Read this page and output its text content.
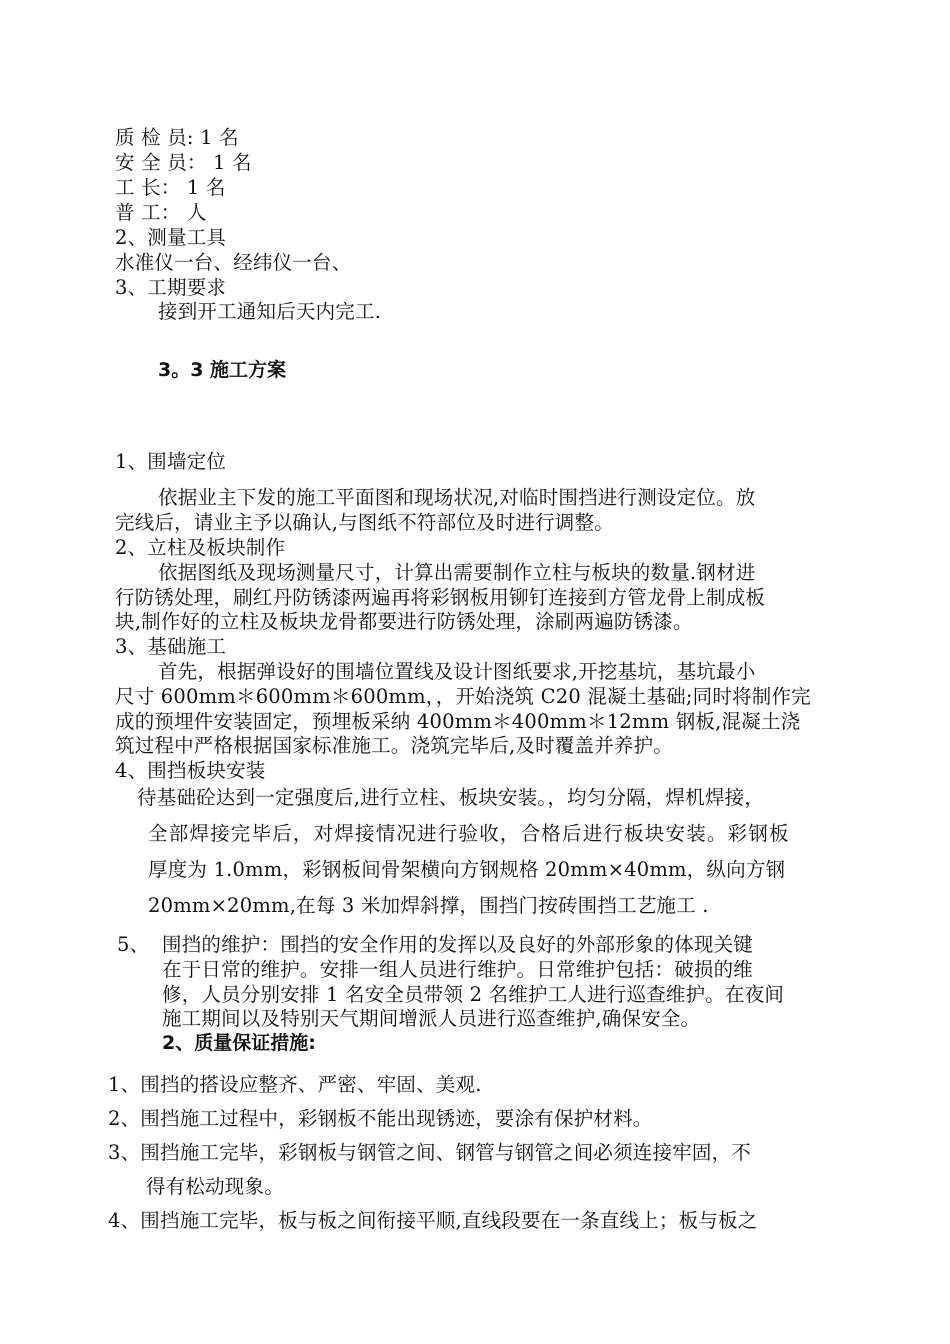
质 检 员: 1 名
安 全 员： 1 名
工 长： 1 名
普 工： 人
2、测量工具
水准仪一台、经纬仪一台、
3、工期要求
接到开工通知后天内完工.
3。3 施工方案
1、围墙定位
依据业主下发的施工平面图和现场状况,对临时围挡进行测设定位。放
完线后，请业主予以确认,与图纸不符部位及时进行调整。
2、立柱及板块制作
依据图纸及现场测量尺寸，计算出需要制作立柱与板块的数量.钢材进
行防锈处理，刷红丹防锈漆两遍再将彩钢板用铆钉连接到方管龙骨上制成板
块,制作好的立柱及板块龙骨都要进行防锈处理，涂刷两遍防锈漆。
3、基础施工
首先，根据弹设好的围墙位置线及设计图纸要求,开挖基坑，基坑最小
尺寸 600mm＊600mm＊600mm，，开始浇筑 C20 混凝土基础;同时将制作完
成的预埋件安装固定，预埋板采纳 400mm＊400mm＊12mm 钢板,混凝土浇
筑过程中严格根据国家标准施工。浇筑完毕后,及时覆盖并养护。
4、围挡板块安装
待基础砼达到一定强度后,进行立柱、板块安装。，均匀分隔，焊机焊接，
全部焊接完毕后，对焊接情况进行验收，合格后进行板块安装。彩钢板
厚度为 1.0mm，彩钢板间骨架横向方钢规格 20mm×40mm，纵向方钢
20mm×20mm,在每 3 米加焊斜撑，围挡门按砖围挡工艺施工 .
5、 围挡的维护：围挡的安全作用的发挥以及良好的外部形象的体现关键
在于日常的维护。安排一组人员进行维护。日常维护包括：破损的维
修，人员分别安排 1 名安全员带领 2 名维护工人进行巡查维护。在夜间
施工期间以及特别天气期间增派人员进行巡查维护,确保安全。
2、质量保证措施:
1、围挡的搭设应整齐、严密、牢固、美观.
2、围挡施工过程中，彩钢板不能出现锈迹，要涂有保护材料。
3、围挡施工完毕，彩钢板与钢管之间、钢管与钢管之间必须连接牢固，不
得有松动现象。
4、围挡施工完毕，板与板之间衔接平顺,直线段要在一条直线上；板与板之
